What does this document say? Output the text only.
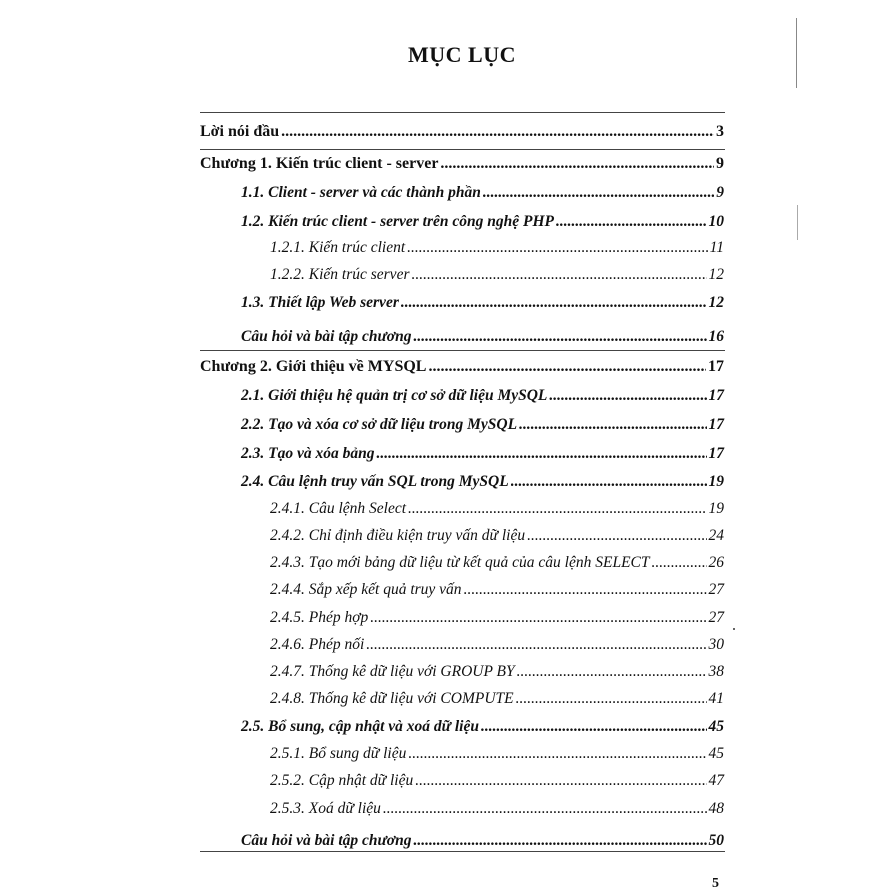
MỤC LỤC
Lời nói đầu .....	3
Chương 1. Kiến trúc client - server .....	9
1.1. Client - server và các thành phần .....	9
1.2. Kiến trúc client - server trên công nghệ PHP .....	10
1.2.1. Kiến trúc client .....	11
1.2.2. Kiến trúc server .....	12
1.3. Thiết lập Web server .....	12
Câu hỏi và bài tập chương .....	16
Chương 2. Giới thiệu về MYSQL .....	17
2.1. Giới thiệu hệ quản trị cơ sở dữ liệu MySQL .....	17
2.2. Tạo và xóa cơ sở dữ liệu trong MySQL .....	17
2.3. Tạo và xóa bảng .....	17
2.4. Câu lệnh truy vấn SQL trong MySQL .....	19
2.4.1. Câu lệnh Select .....	19
2.4.2. Chỉ định điều kiện truy vấn dữ liệu .....	24
2.4.3. Tạo mới bảng dữ liệu từ kết quả của câu lệnh SELECT .....	26
2.4.4. Sắp xếp kết quả truy vấn .....	27
2.4.5. Phép hợp .....	27
2.4.6. Phép nối .....	30
2.4.7. Thống kê dữ liệu với GROUP BY .....	38
2.4.8. Thống kê dữ liệu với COMPUTE .....	41
2.5. Bổ sung, cập nhật và xoá dữ liệu .....	45
2.5.1. Bổ sung dữ liệu .....	45
2.5.2. Cập nhật dữ liệu .....	47
2.5.3. Xoá dữ liệu .....	48
Câu hỏi và bài tập chương .....	50
5
